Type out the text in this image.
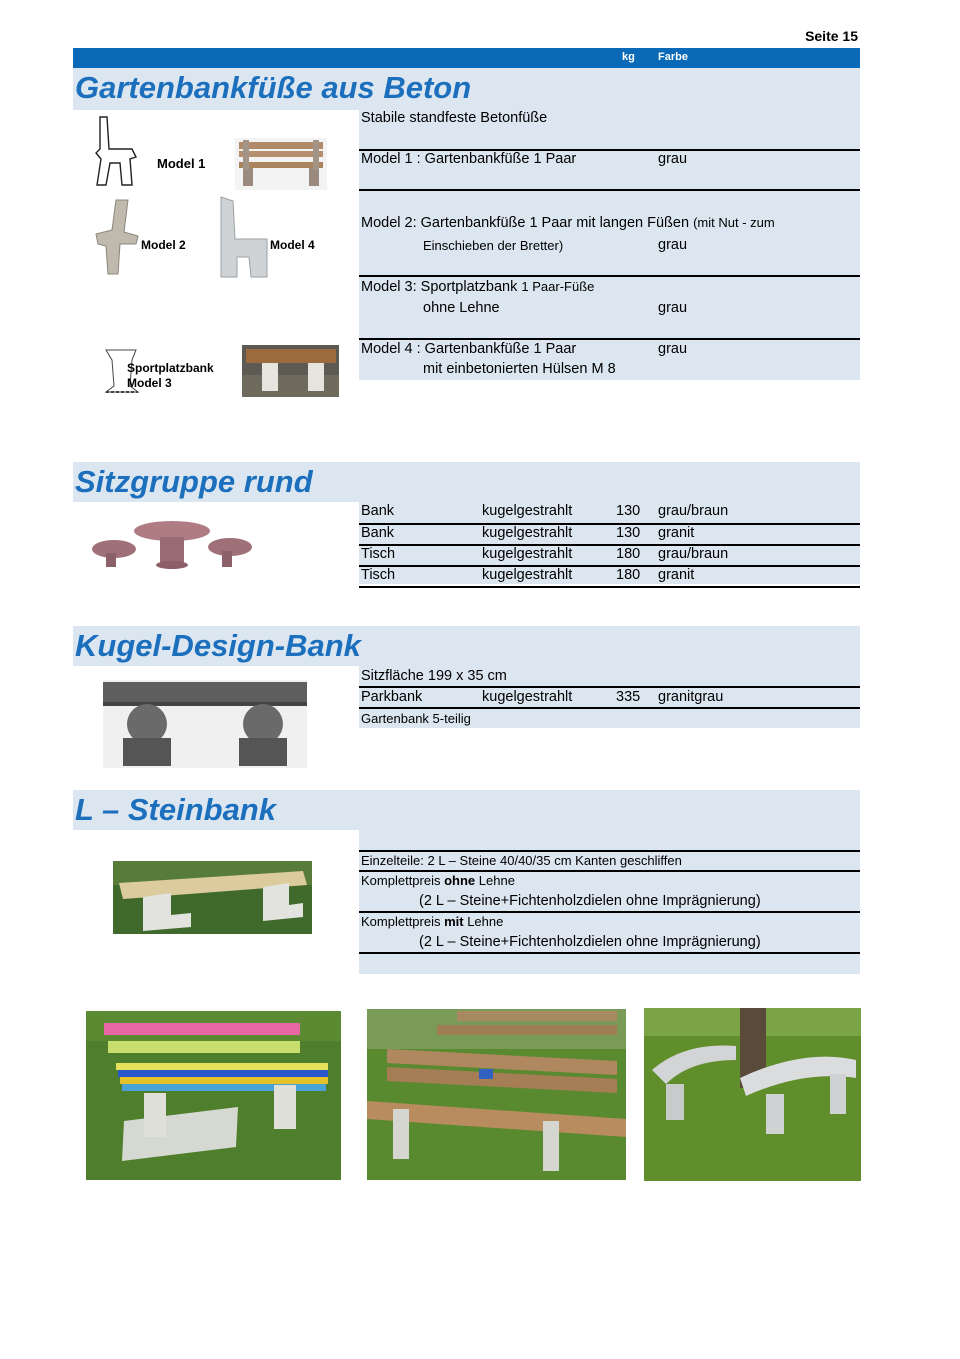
Seite 15
kg Farbe
Gartenbankfüße aus Beton
Stabile standfeste Betonfüße
Model 1 : Gartenbankfüße 1 Paar	grau
Model 2: Gartenbankfüße 1 Paar mit langen Füßen (mit Nut - zum
Einschieben der Bretter)	grau
Model 3: Sportplatzbank 1 Paar-Füße
ohne Lehne	grau
Model 4 : Gartenbankfüße 1 Paar	grau
mit einbetonierten Hülsen M 8
Model 1
Model 2	Model 4
Sportplatzbank
Model 3
Sitzgruppe rund
Bank	kugelgestrahlt	130 grau/braun
Bank	kugelgestrahlt	130 granit
Tisch	kugelgestrahlt	180 grau/braun
Tisch	kugelgestrahlt	180 granit
Kugel-Design-Bank
Sitzfläche 199 x 35 cm
Parkbank	kugelgestrahlt	335 granitgrau
Gartenbank 5-teilig
L – Steinbank
Einzelteile: 2 L – Steine 40/40/35 cm Kanten geschliffen
Komplettpreis ohne Lehne
(2 L – Steine+Fichtenholzdielen ohne Imprägnierung)
Komplettpreis mit Lehne
(2 L – Steine+Fichtenholzdielen ohne Imprägnierung)
